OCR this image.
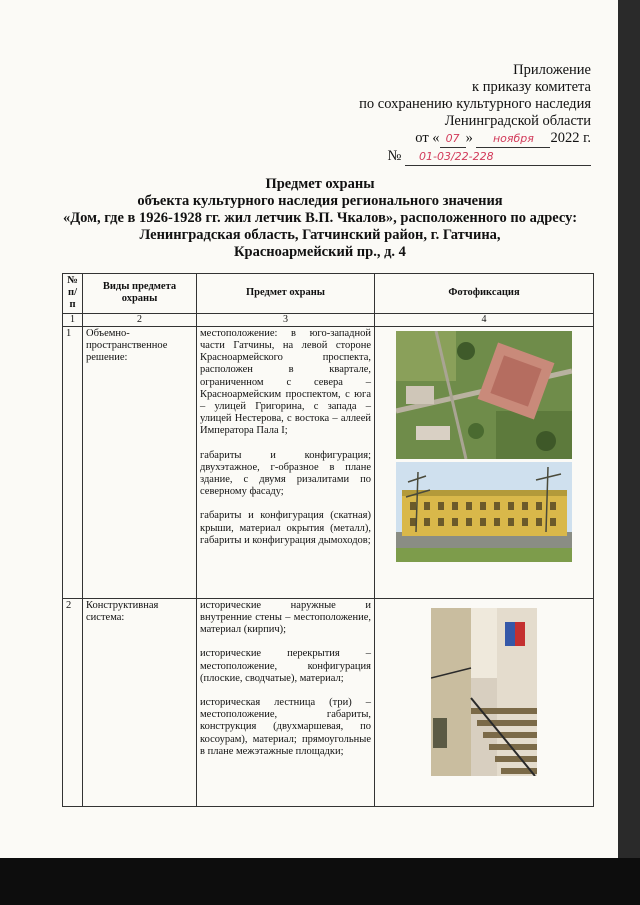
Приложение
к приказу комитета
по сохранению культурного наследия
Ленинградской области
от « 07 » ноября 2022 г.
№ 01-03/22-228
Предмет охраны
объекта культурного наследия регионального значения
«Дом, где в 1926-1928 гг. жил летчик В.П. Чкалов», расположенного по адресу:
Ленинградская область, Гатчинский район, г. Гатчина,
Красноармейский пр., д. 4
№ п/п	Виды предмета охраны	Предмет охраны	Фотофиксация
1	2	3	4
1	Объемно-пространственное решение:	местоположение: в юго-западной части Гатчины, на левой стороне Красноармейского проспекта, расположен в квартале, ограниченном с севера – Красноармейским проспектом, с юга – улицей Григорина, с запада – улицей Нестерова, с востока – аллеей Императора Пала I;
габариты и конфигурация; двухэтажное, г-образное в плане здание, с двумя ризалитами по северному фасаду;
габариты и конфигурация (скатная) крыши, материал окрытия (металл), габариты и конфигурация дымоходов;

2	Конструктивная система:	исторические наружные и внутренние стены – местоположение, материал (кирпич);
исторические перекрытия – местоположение, конфигурация (плоские, сводчатые), материал;
историческая лестница (три) – местоположение, габариты, конструкция (двухмаршевая, по косоурам), материал; прямоугольные в плане межэтажные площадки;
